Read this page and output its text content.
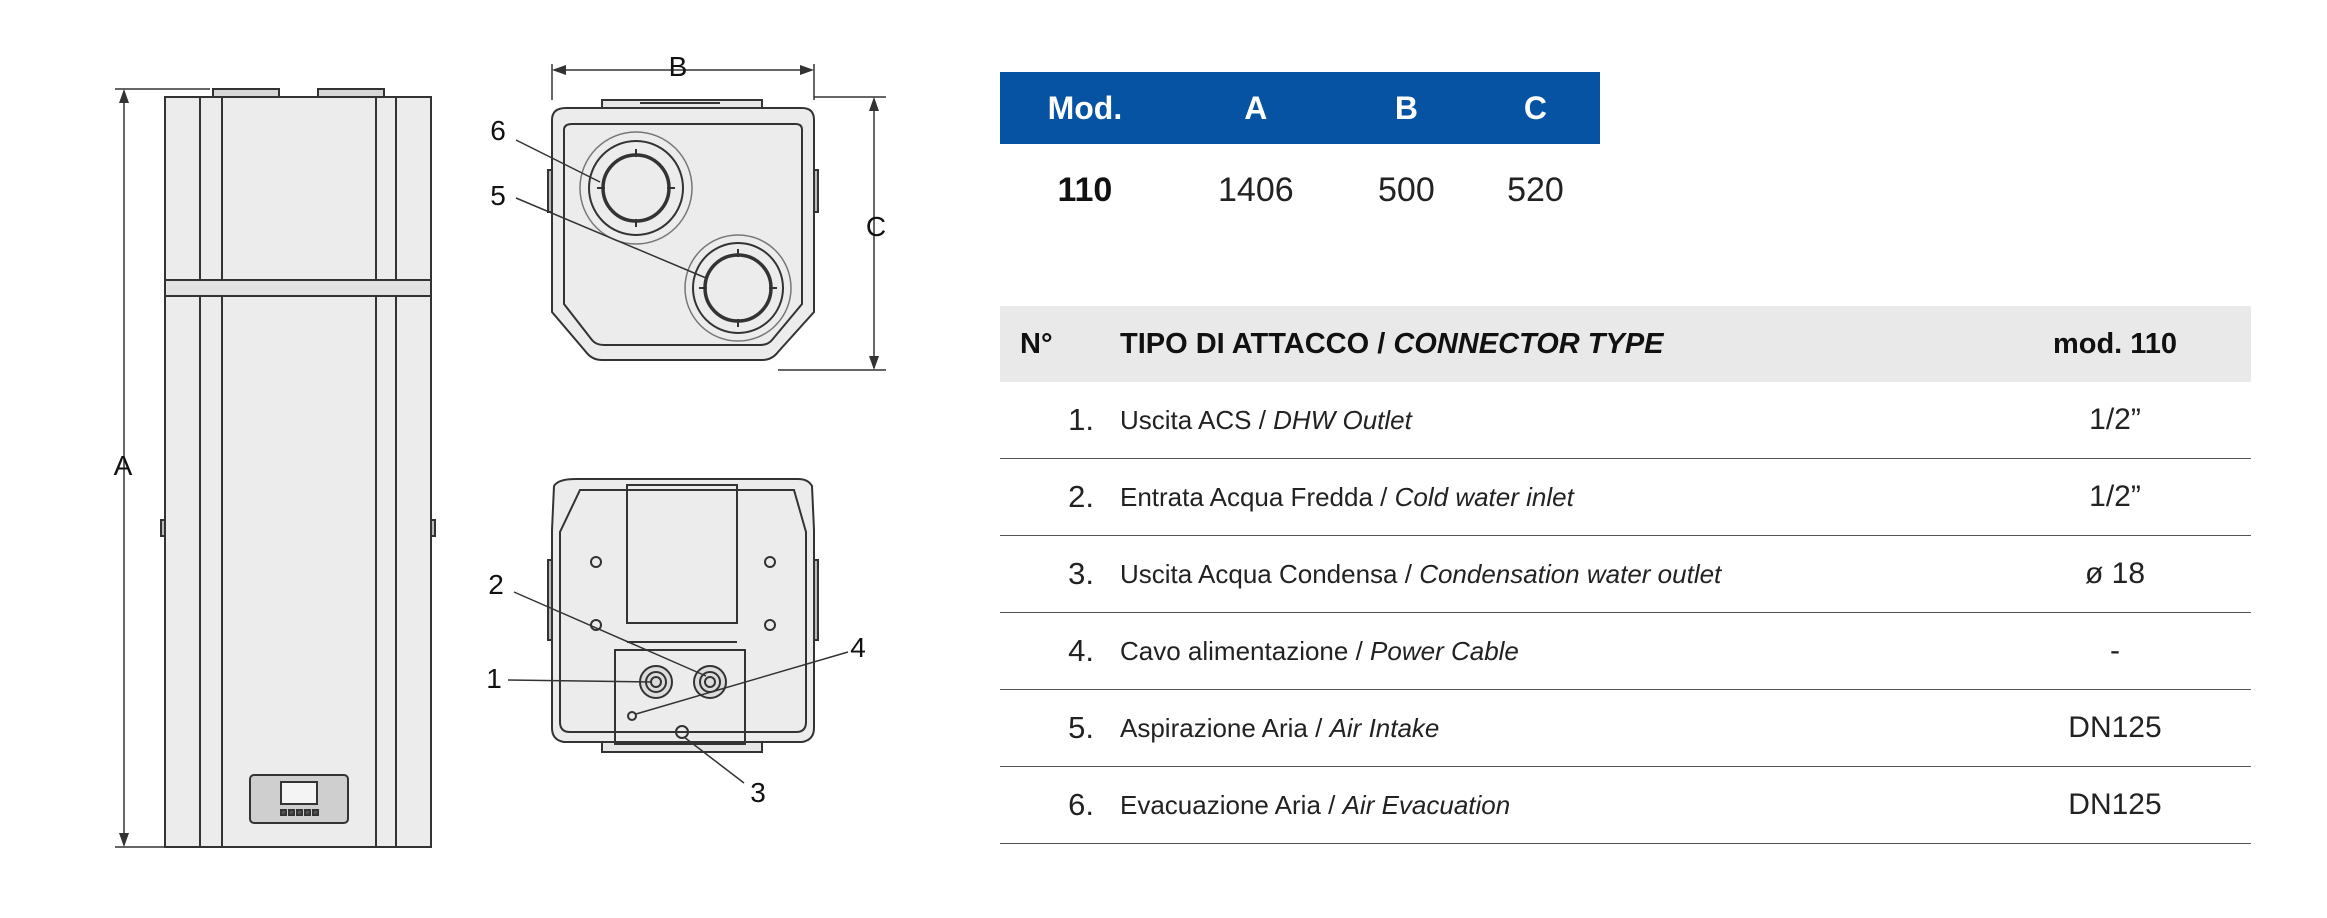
A
B
C
6
5
2
1
4
3
Mod.	A	B	C
110	1406	500	520
N°	TIPO DI ATTACCO / CONNECTOR TYPE	mod. 110
1.	Uscita ACS / DHW Outlet	1/2”
2.	Entrata Acqua Fredda / Cold water inlet	1/2”
3.	Uscita Acqua Condensa / Condensation water outlet	ø 18
4.	Cavo alimentazione / Power Cable	-
5.	Aspirazione Aria / Air Intake	DN125
6.	Evacuazione Aria / Air Evacuation	DN125
